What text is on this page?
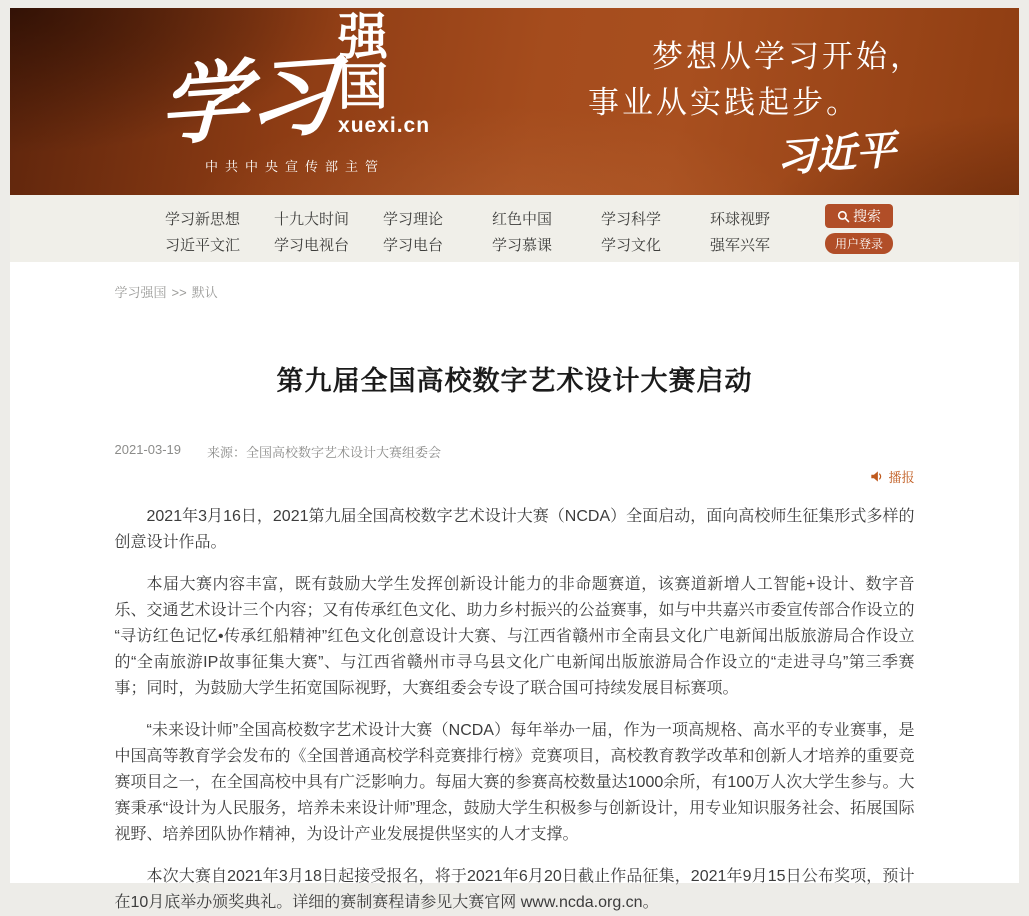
学习
强国
xuexi.cn
中共中央宣传部主管
梦想从学习开始，
事业从实践起步。
习近平
学习新思想	十九大时间	学习理论	红色中国	学习科学	环球视野
习近平文汇	学习电视台	学习电台	学习慕课	学习文化	强军兴军
搜索
用户登录
学习强国 >> 默认
第九届全国高校数字艺术设计大赛启动
2021-03-19 来源：全国高校数字艺术设计大赛组委会
播报

2021年3月16日，2021第九届全国高校数字艺术设计大赛（NCDA）全面启动，面向高校师生征集形式多样的创意设计作品。

本届大赛内容丰富，既有鼓励大学生发挥创新设计能力的非命题赛道，该赛道新增人工智能+设计、数字音乐、交通艺术设计三个内容；又有传承红色文化、助力乡村振兴的公益赛事，如与中共嘉兴市委宣传部合作设立的“寻访红色记忆•传承红船精神”红色文化创意设计大赛、与江西省赣州市全南县文化广电新闻出版旅游局合作设立的“全南旅游IP故事征集大赛”、与江西省赣州市寻乌县文化广电新闻出版旅游局合作设立的“走进寻乌”第三季赛事；同时，为鼓励大学生拓宽国际视野，大赛组委会专设了联合国可持续发展目标赛项。

“未来设计师”全国高校数字艺术设计大赛（NCDA）每年举办一届，作为一项高规格、高水平的专业赛事，是中国高等教育学会发布的《全国普通高校学科竞赛排行榜》竞赛项目，高校教育教学改革和创新人才培养的重要竞赛项目之一，在全国高校中具有广泛影响力。每届大赛的参赛高校数量达1000余所，有100万人次大学生参与。大赛秉承“设计为人民服务，培养未来设计师”理念，鼓励大学生积极参与创新设计，用专业知识服务社会、拓展国际视野、培养团队协作精神，为设计产业发展提供坚实的人才支撑。

本次大赛自2021年3月18日起接受报名，将于2021年6月20日截止作品征集，2021年9月15日公布奖项，预计在10月底举办颁奖典礼。详细的赛制赛程请参见大赛官网 www.ncda.org.cn。
